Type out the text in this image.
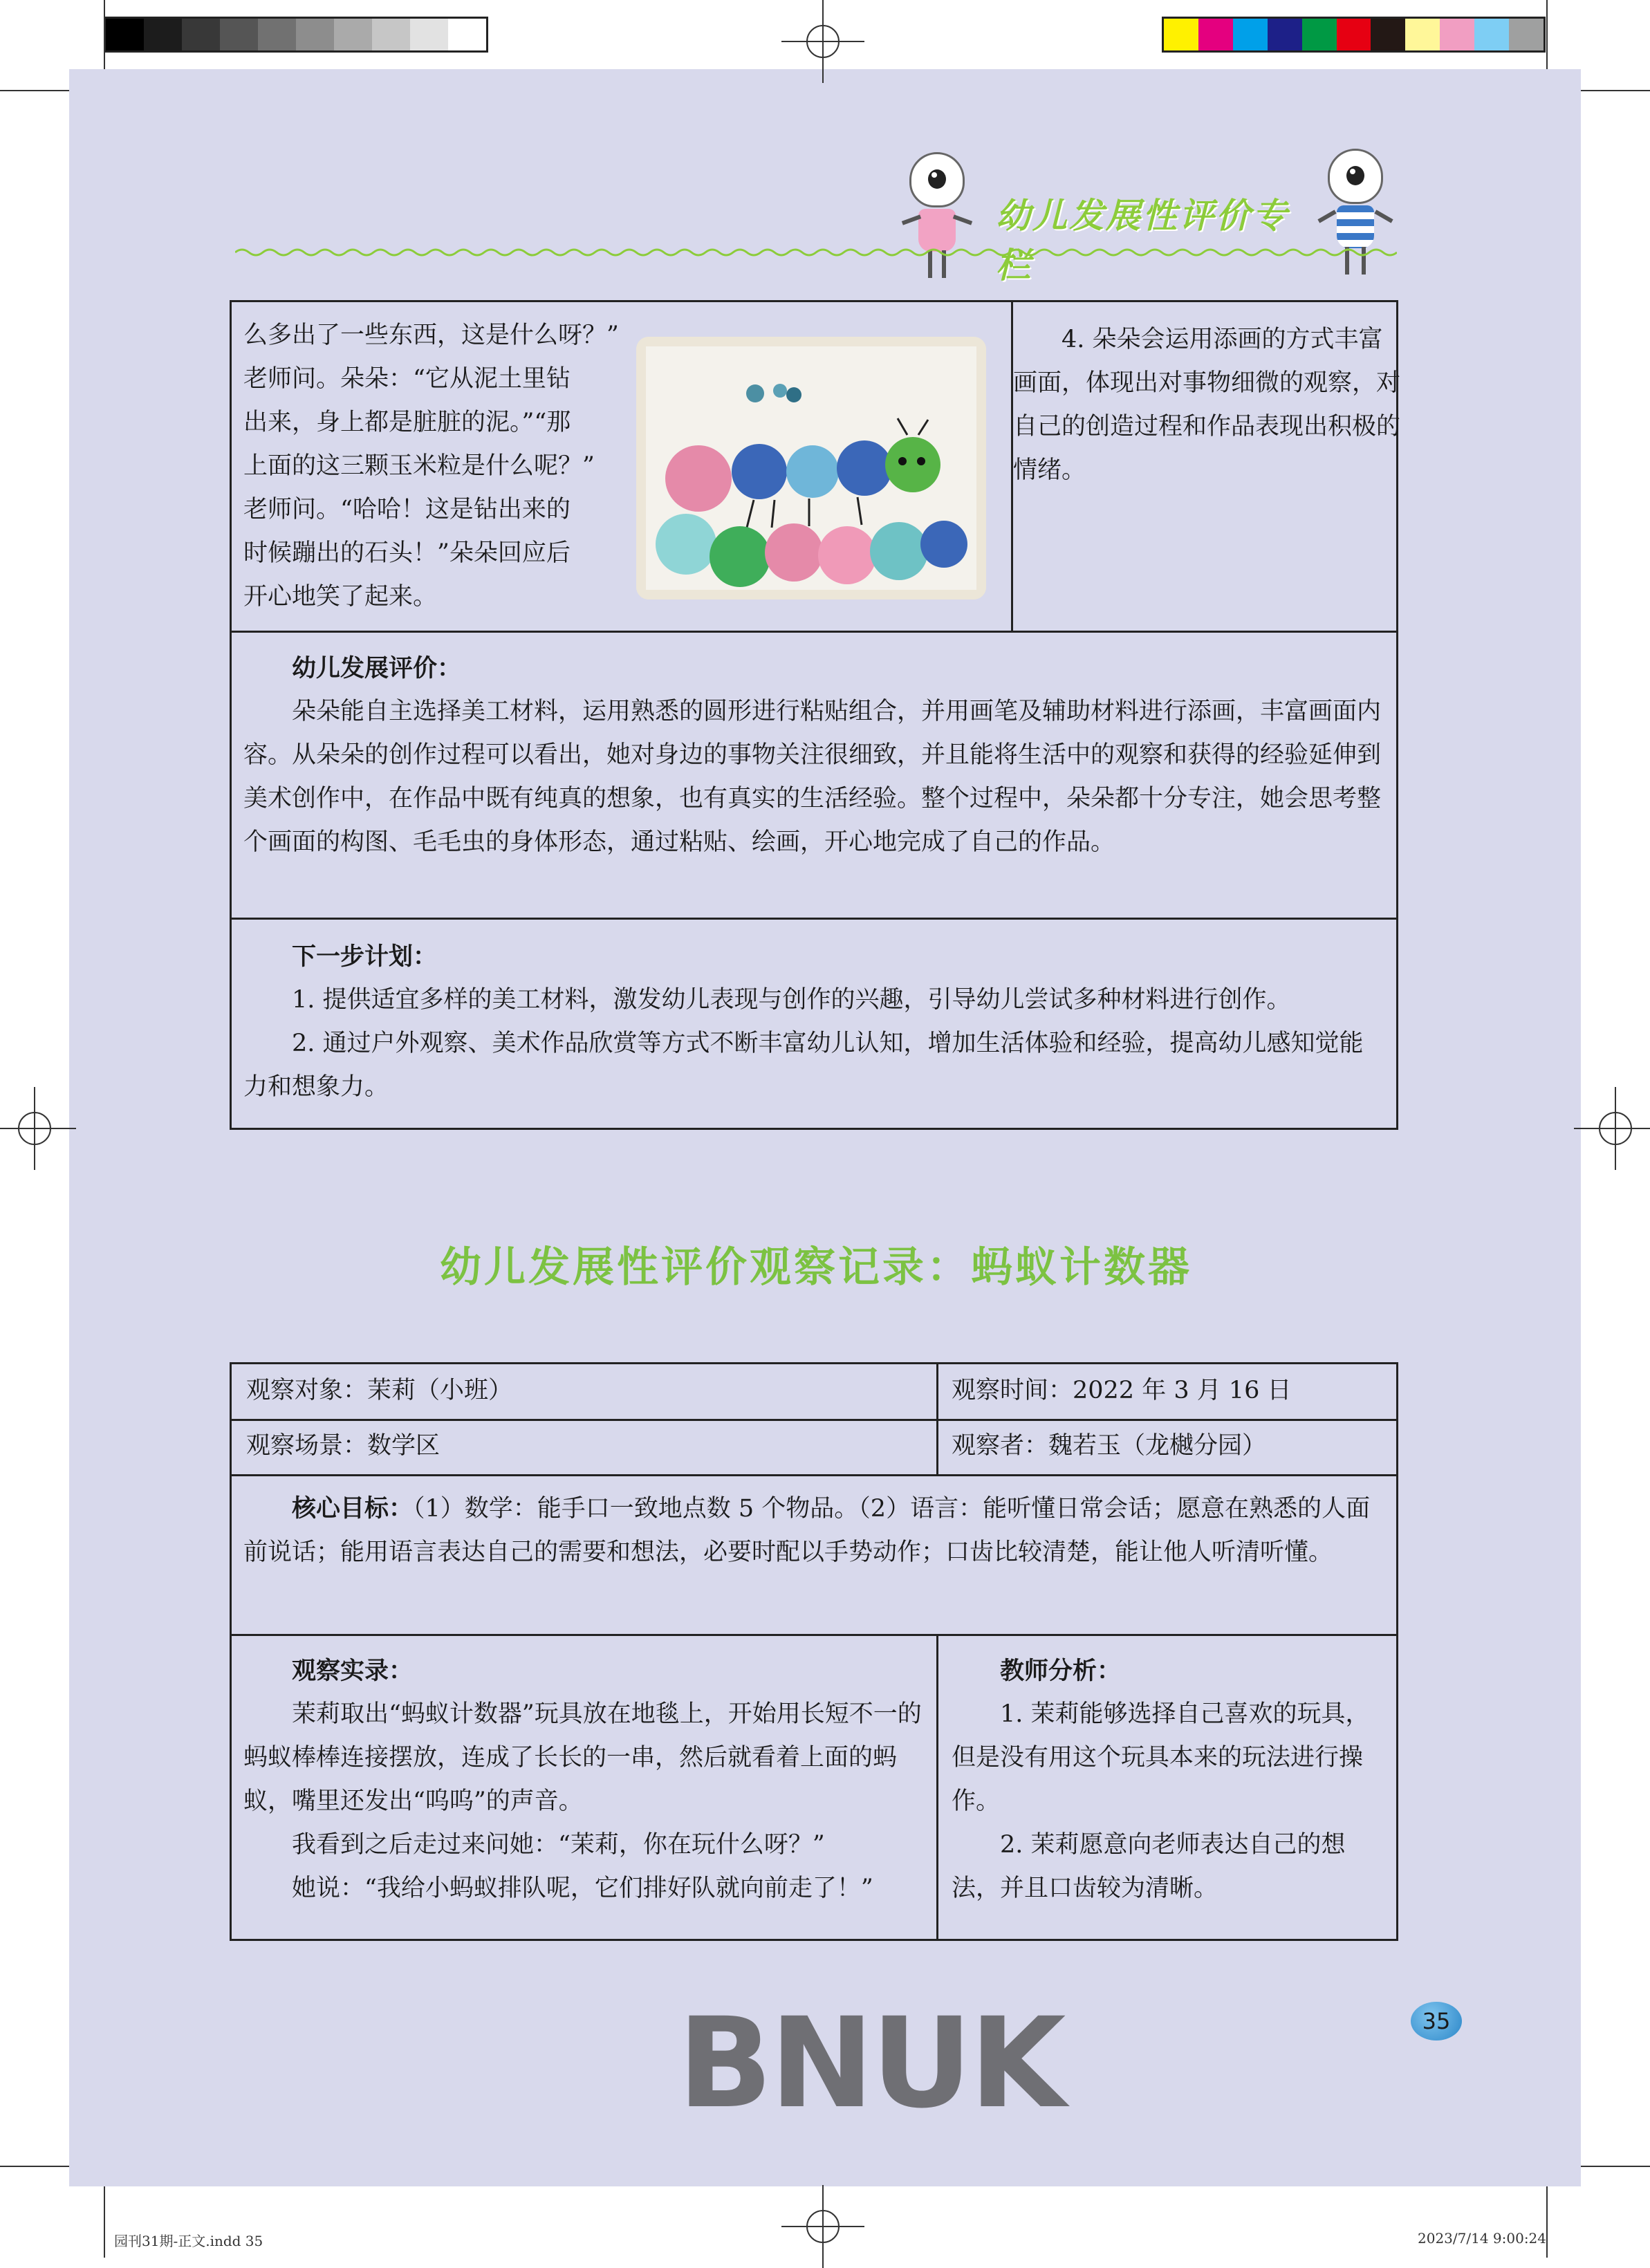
幼儿发展性评价专栏
么多出了一些东西，这是什么呀？”
老师问。朵朵：“它从泥土里钻
出来，身上都是脏脏的泥。”“那
上面的这三颗玉米粒是什么呢？”
老师问。“哈哈！这是钻出来的
时候蹦出的石头！”朵朵回应后
开心地笑了起来。

4. 朵朵会运用添画的方式丰富画面，体现出对事物细微的观察，对自己的创造过程和作品表现出积极的情绪。

幼儿发展评价：

朵朵能自主选择美工材料，运用熟悉的圆形进行粘贴组合，并用画笔及辅助材料进行添画，丰富画面内容。从朵朵的创作过程可以看出，她对身边的事物关注很细致，并且能将生活中的观察和获得的经验延伸到美术创作中，在作品中既有纯真的想象，也有真实的生活经验。整个过程中，朵朵都十分专注，她会思考整个画面的构图、毛毛虫的身体形态，通过粘贴、绘画，开心地完成了自己的作品。

下一步计划：

1. 提供适宜多样的美工材料，激发幼儿表现与创作的兴趣，引导幼儿尝试多种材料进行创作。

2. 通过户外观察、美术作品欣赏等方式不断丰富幼儿认知，增加生活体验和经验，提高幼儿感知觉能力和想象力。

幼儿发展性评价观察记录：蚂蚁计数器
观察对象：茉莉（小班）	观察时间：2022 年 3 月 16 日
观察场景：数学区	观察者：魏若玉（龙樾分园）

核心目标：（1）数学：能手口一致地点数 5 个物品。（2）语言：能听懂日常会话；愿意在熟悉的人面前说话；能用语言表达自己的需要和想法，必要时配以手势动作；口齿比较清楚，能让他人听清听懂。

观察实录：

茉莉取出“蚂蚁计数器”玩具放在地毯上，开始用长短不一的蚂蚁棒棒连接摆放，连成了长长的一串，然后就看着上面的蚂蚁，嘴里还发出“呜呜”的声音。

我看到之后走过来问她：“茉莉，你在玩什么呀？”

她说：“我给小蚂蚁排队呢，它们排好队就向前走了！”

教师分析：

1. 茉莉能够选择自己喜欢的玩具，但是没有用这个玩具本来的玩法进行操作。

2. 茉莉愿意向老师表达自己的想法，并且口齿较为清晰。

35
BNUK
园刊31期-正文.indd 35	2023/7/14 9:00:24
